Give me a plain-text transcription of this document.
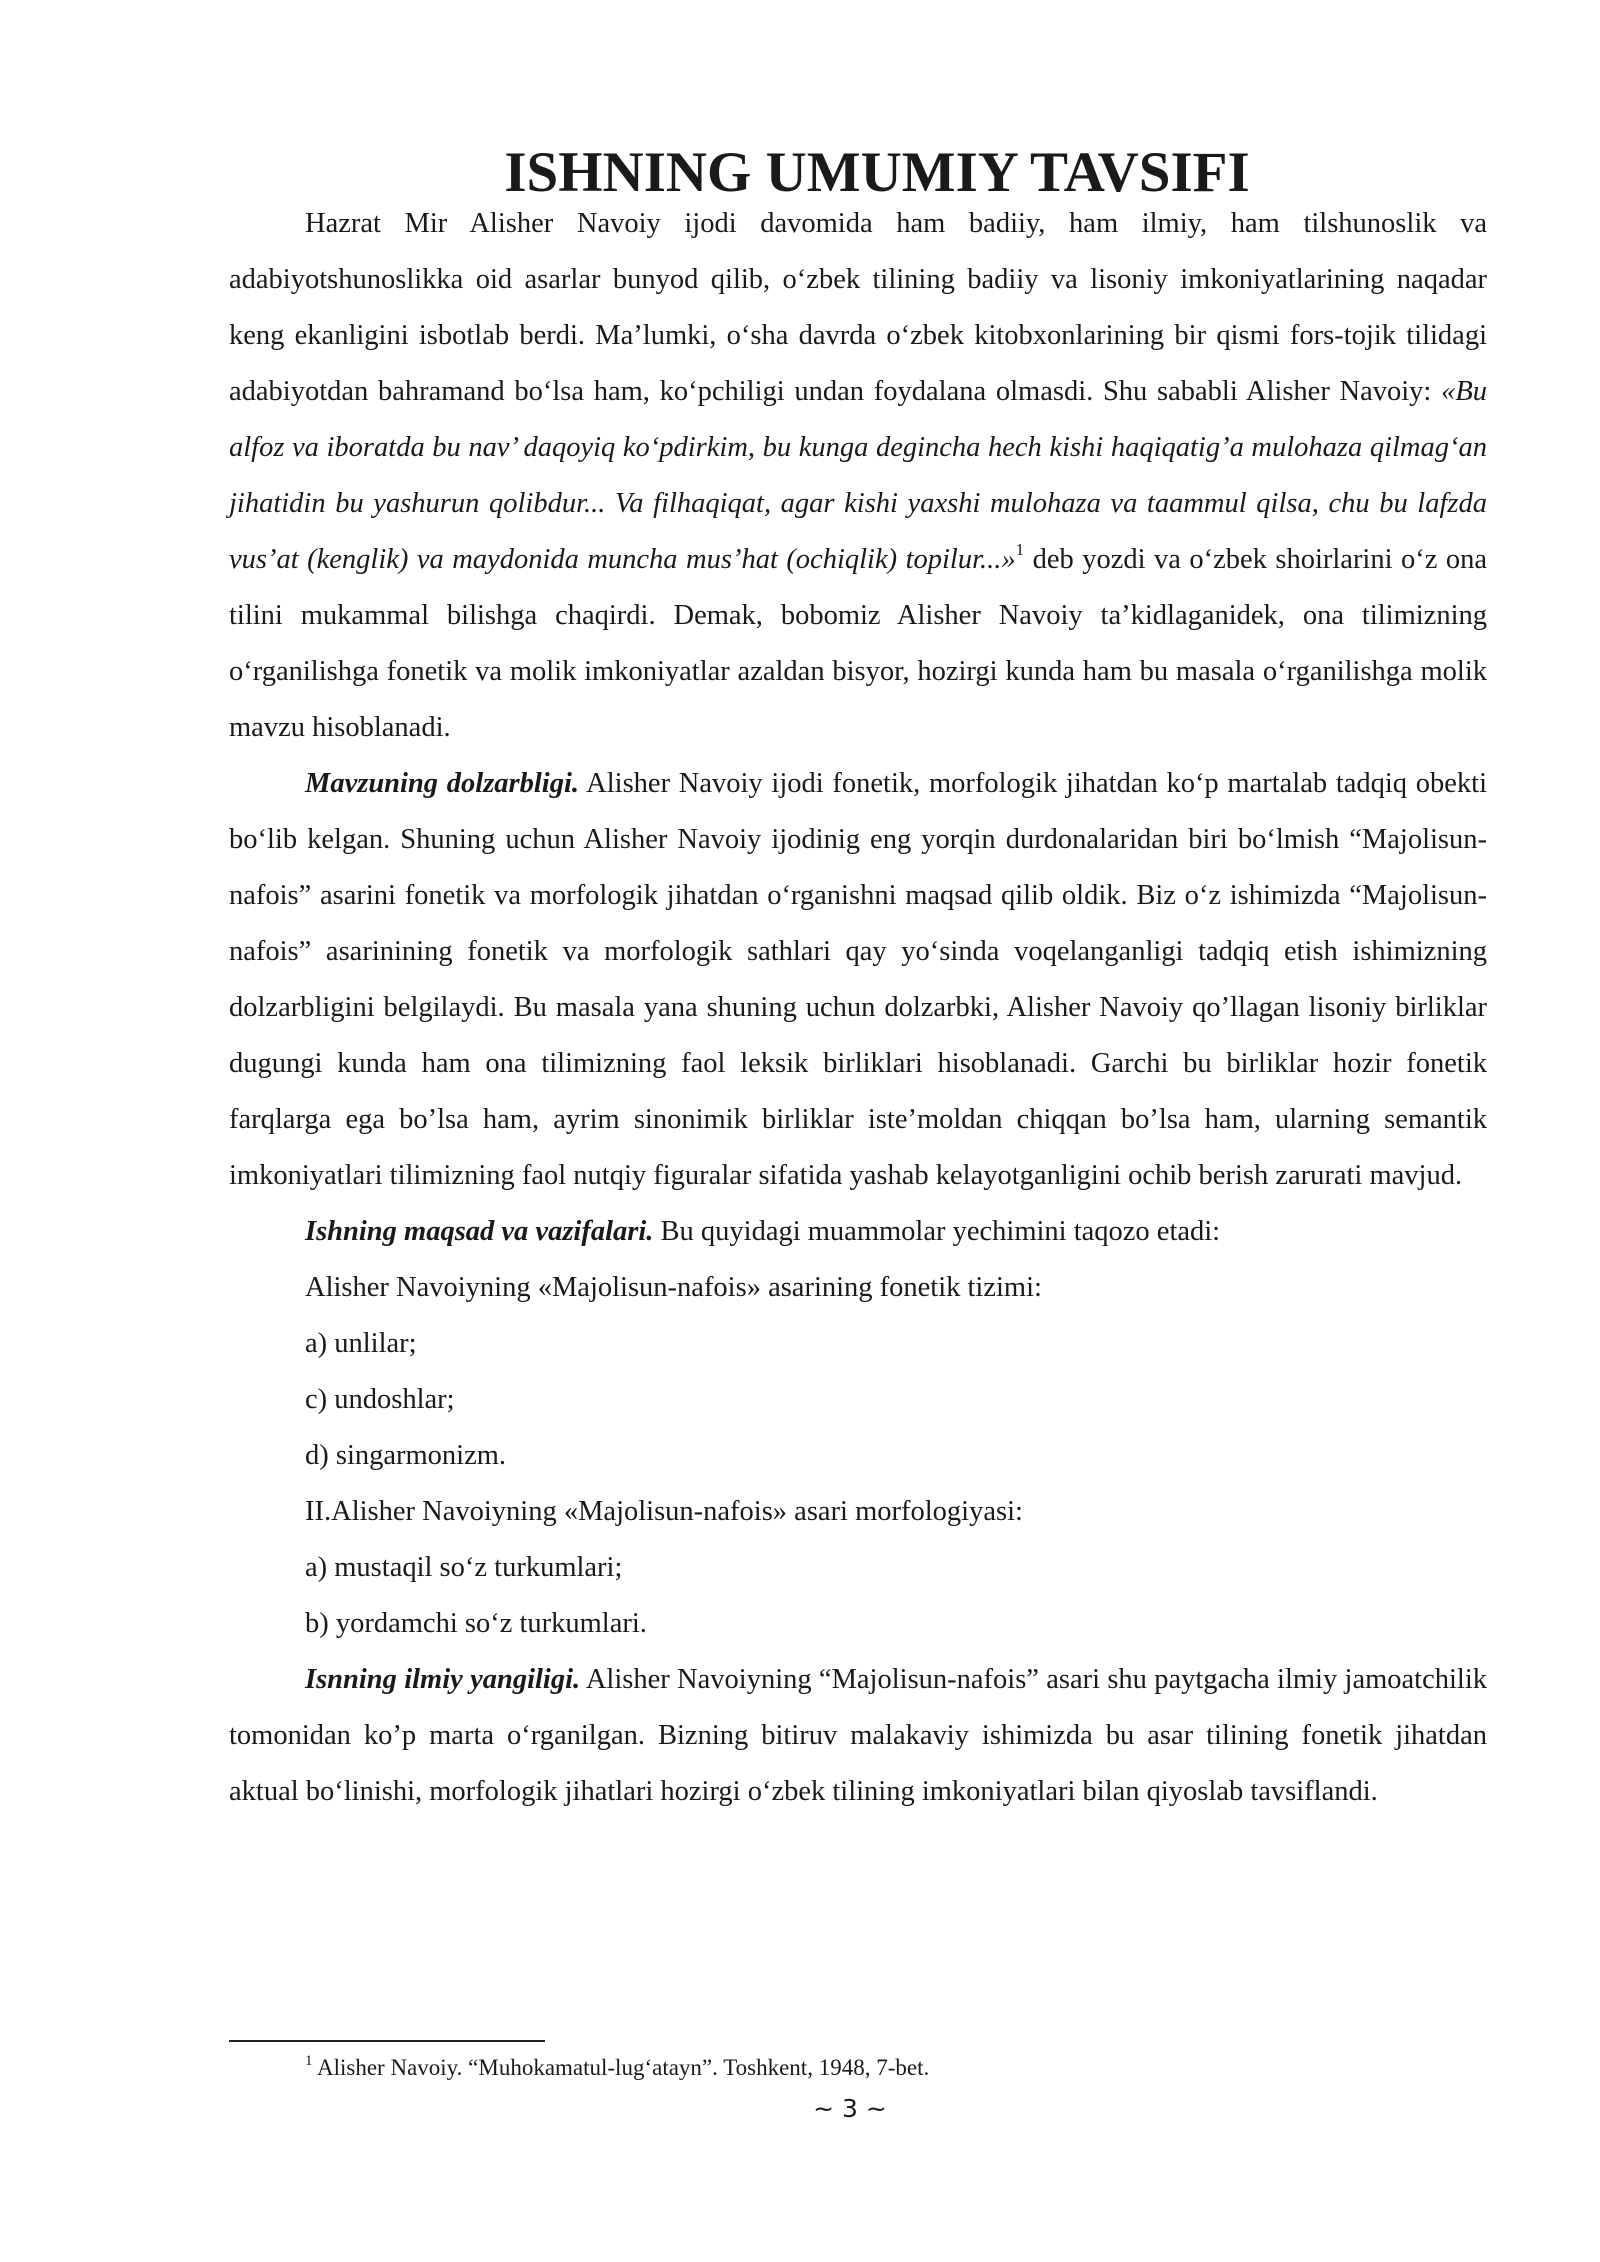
ISHNING UMUMIY TAVSIFI

Hazrat Mir Alisher Navoiy ijodi davomida ham badiiy, ham ilmiy, ham tilshunoslik va adabiyotshunoslikka oid asarlar bunyod qilib, o‘zbek tilining badiiy va lisoniy imkoniyatlarining naqadar keng ekanligini isbotlab berdi. Ma’lumki, o‘sha davrda o‘zbek kitobxonlarining bir qismi fors-tojik tilidagi adabiyotdan bahramand bo‘lsa ham, ko‘pchiligi undan foydalana olmasdi. Shu sababli Alisher Navoiy: «Bu alfoz va iboratda bu nav’ daqoyiq ko‘pdirkim, bu kunga degincha hech kishi haqiqatig’a mulohaza qilmag‘an jihatidin bu yashurun qolibdur... Va filhaqiqat, agar kishi yaxshi mulohaza va taammul qilsa, chu bu lafzda vus’at (kenglik) va maydonida muncha mus’hat (ochiqlik) topilur...»$^1$ deb yozdi va o‘zbek shoirlarini o‘z ona tilini mukammal bilishga chaqirdi. Demak, bobomiz Alisher Navoiy ta’kidlaganidek, ona tilimizning o‘rganilishga fonetik va molik imkoniyatlar azaldan bisyor, hozirgi kunda ham bu masala o‘rganilishga molik mavzu hisoblanadi.

Mavzuning dolzarbligi. Alisher Navoiy ijodi fonetik, morfologik jihatdan ko‘p martalab tadqiq obekti bo‘lib kelgan. Shuning uchun Alisher Navoiy ijodinig eng yorqin durdonalaridan biri bo‘lmish “Majolisun-nafois” asarini fonetik va morfologik jihatdan o‘rganishni maqsad qilib oldik. Biz o‘z ishimizda “Majolisun-nafois” asarinining fonetik va morfologik sathlari qay yo‘sinda voqelanganligi tadqiq etish ishimizning dolzarbligini belgilaydi. Bu masala yana shuning uchun dolzarbki, Alisher Navoiy qo’llagan lisoniy birliklar dugungi kunda ham ona tilimizning faol leksik birliklari hisoblanadi. Garchi bu birliklar hozir fonetik farqlarga ega bo’lsa ham, ayrim sinonimik birliklar iste’moldan chiqqan bo’lsa ham, ularning semantik imkoniyatlari tilimizning faol nutqiy figuralar sifatida yashab kelayotganligini ochib berish zarurati mavjud.

Ishning maqsad va vazifalari. Bu quyidagi muammolar yechimini taqozo etadi:

Alisher Navoiyning «Majolisun-nafois» asarining fonetik tizimi:
a) unlilar;
c) undoshlar;
d) singarmonizm.
II.Alisher Navoiyning «Majolisun-nafois» asari morfologiyasi:
a) mustaqil so‘z turkumlari;
b) yordamchi so‘z turkumlari.

Isnning ilmiy yangiligi. Alisher Navoiyning “Majolisun-nafois” asari shu paytgacha ilmiy jamoatchilik tomonidan ko’p marta o‘rganilgan. Bizning bitiruv malakaviy ishimizda bu asar tilining fonetik jihatdan aktual bo‘linishi, morfologik jihatlari hozirgi o‘zbek tilining imkoniyatlari bilan qiyoslab tavsiflandi.

$^1$ Alisher Navoiy. “Muhokamatul-lug‘atayn”. Toshkent, 1948, 7-bet.
~ 3 ~
